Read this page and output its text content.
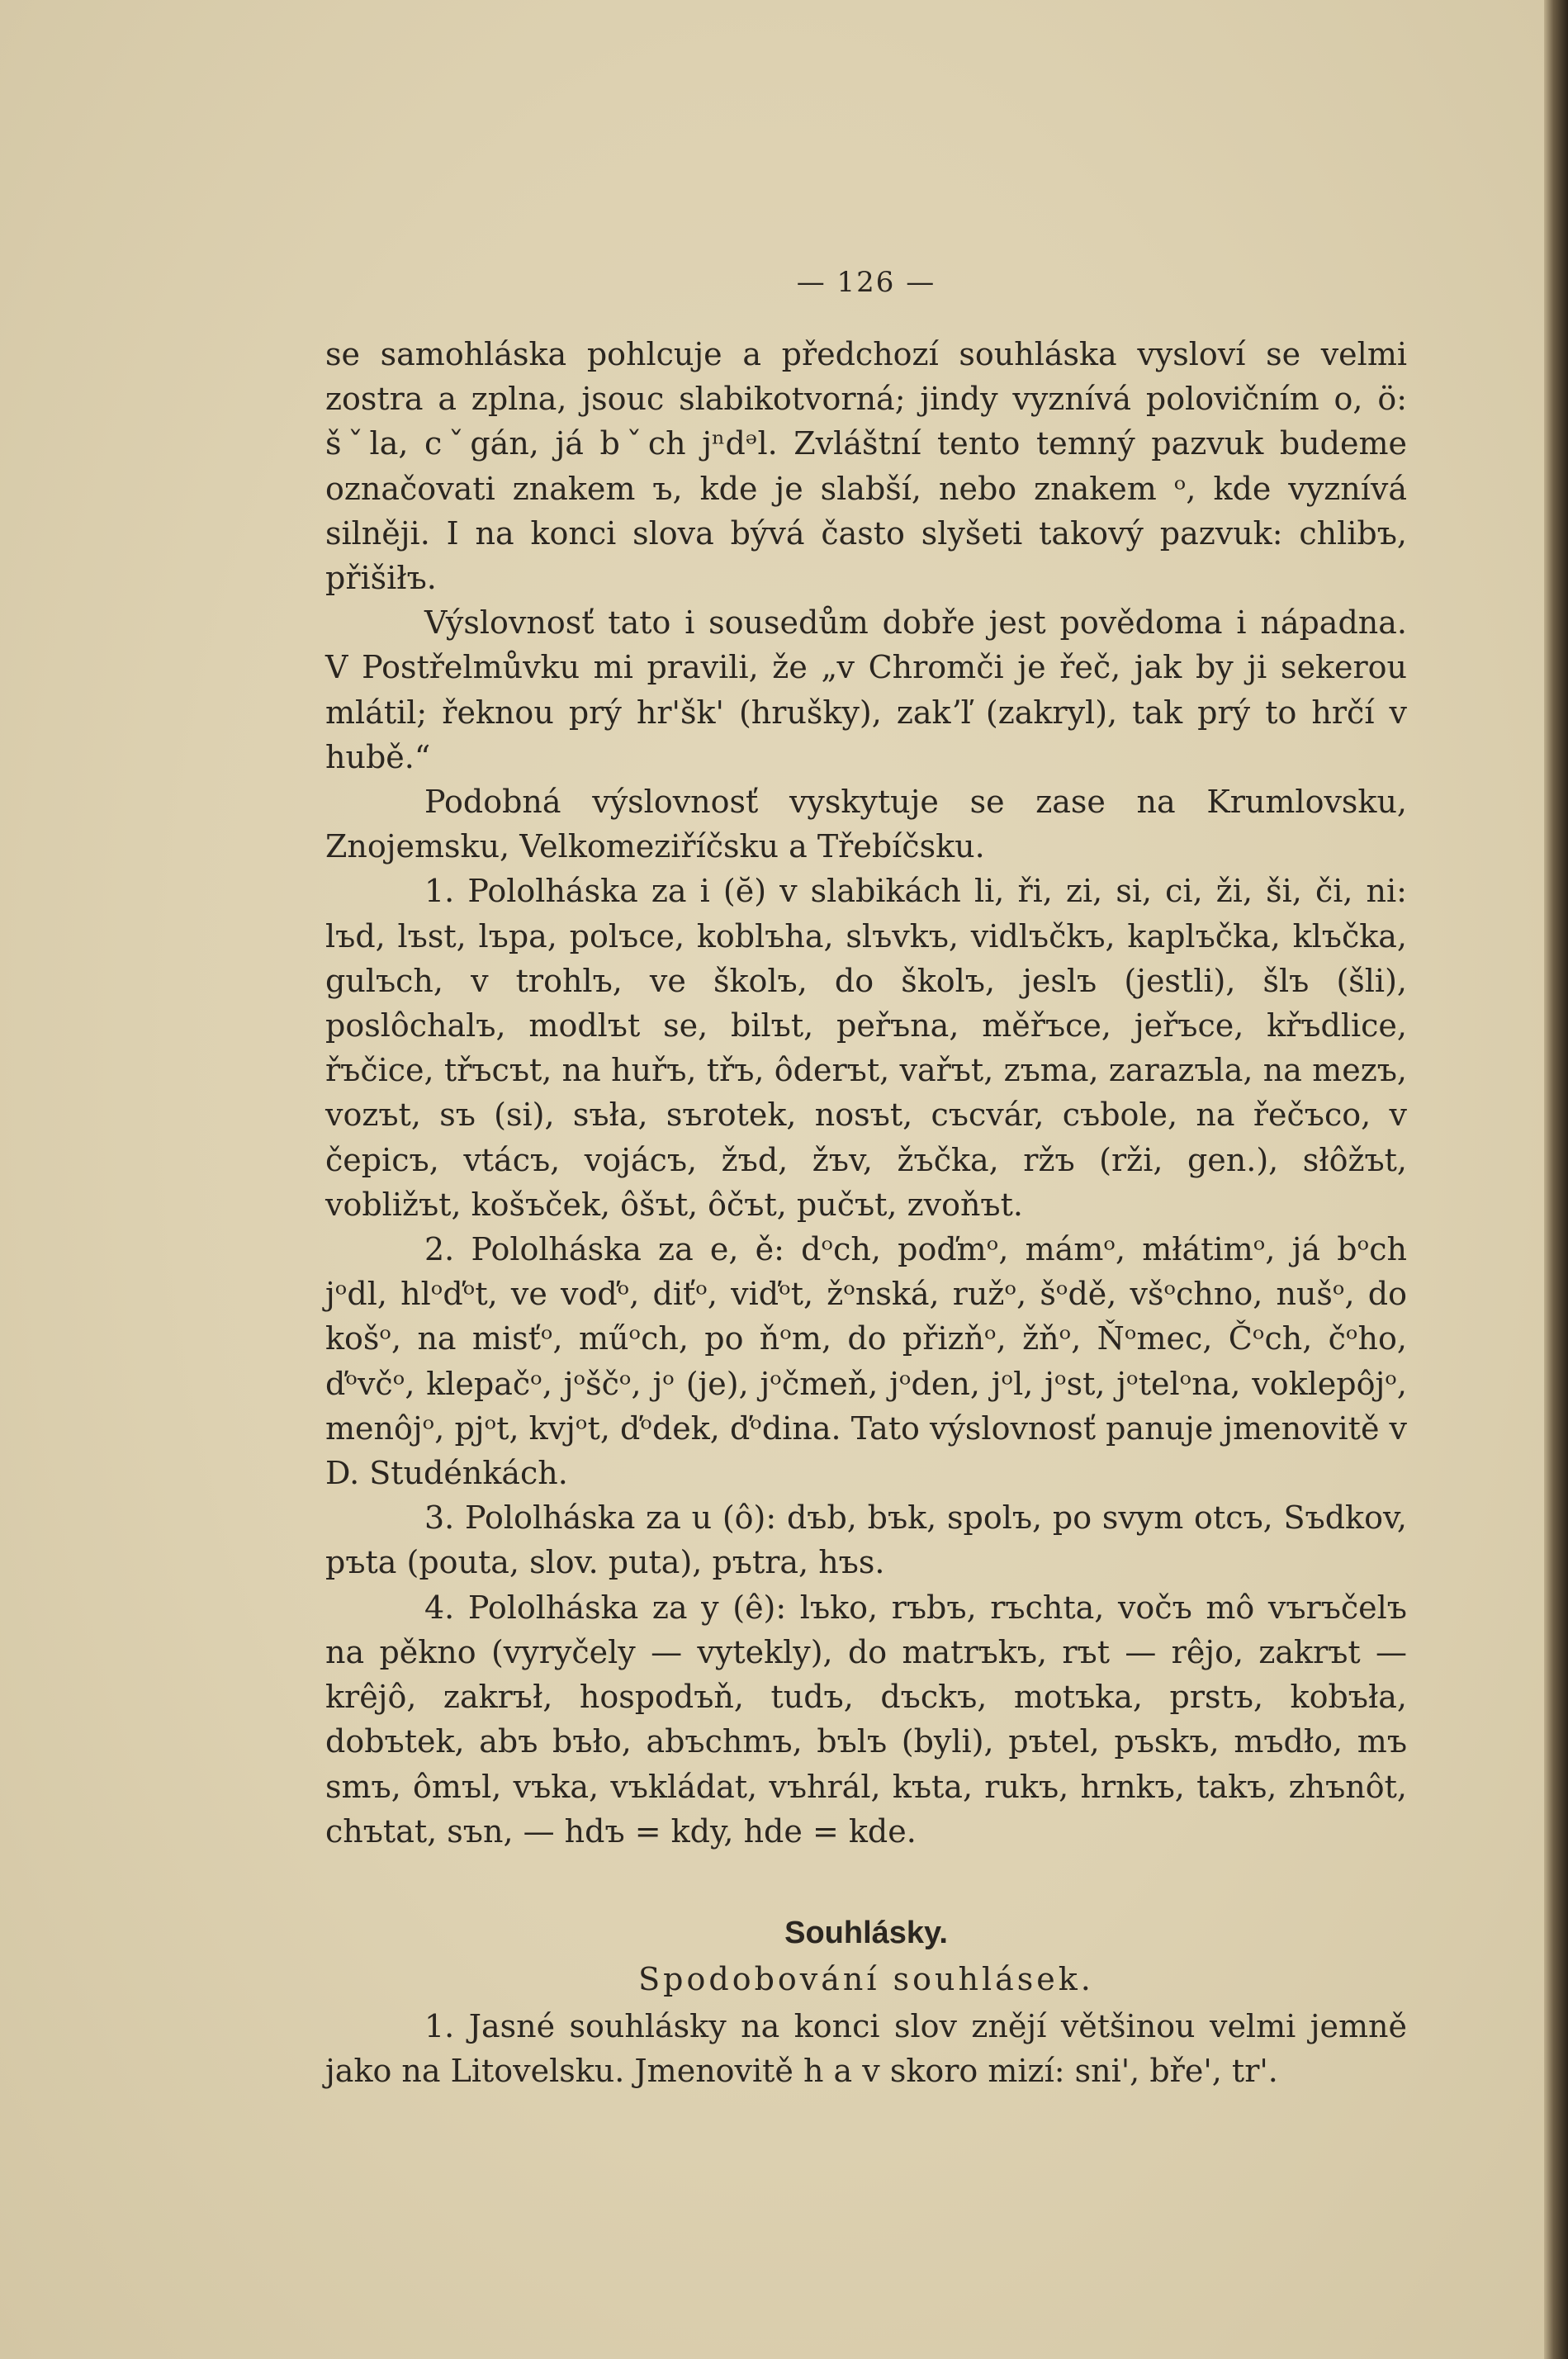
— 126 —

se samohláska pohlcuje a předchozí souhláska vysloví se velmi zostra a zplna, jsouc slabikotvorná; jindy vyznívá polovičním o, ö: šˇla, cˇgán, já bˇch jⁿdᵊl. Zvláštní tento temný pazvuk budeme označovati znakem ъ, kde je slabší, nebo znakem ᵒ, kde vyznívá silněji. I na konci slova bývá často slyšeti takový pazvuk: chlibъ, přišiłъ.

Výslovnosť tato i sousedům dobře jest povědoma i nápadna. V Postřelmůvku mi pravili, že „v Chromči je řeč, jak by ji sekerou mlátil; řeknou prý hr'šk' (hrušky), zakʼľ (zakryl), tak prý to hrčí v hubě.“

Podobná výslovnosť vyskytuje se zase na Krumlovsku, Znojemsku, Velkomeziříčsku a Třebíčsku.

1. Pololháska za i (ĕ) v slabikách li, ři, zi, si, ci, ži, ši, či, ni: lъd, lъst, lъpa, polъce, koblъha, slъvkъ, vidlъčkъ, kaplъčka, klъčka, gulъch, v trohlъ, ve školъ, do školъ, jeslъ (jestli), šlъ (šli), poslôchalъ, modlъt se, bilъt, peřъna, měřъce, jeřъce, křъdlice, řъčice, třъcъt, na huřъ, třъ, ôderъt, vařъt, zъma, zarazъla, na mezъ, vozъt, sъ (si), sъła, sъrotek, nosъt, cъcvár, cъbole, na řečъco, v čepicъ, vtácъ, vojácъ, žъd, žъv, žъčka, ržъ (rži, gen.), słôžъt, vobližъt, košъček, ôšъt, ôčъt, pučъt, zvoňъt.

2. Pololháska za e, ě: dᵒch, poďmᵒ, mámᵒ, młátimᵒ, já bᵒch jᵒdl, hlᵒďᵒt, ve voďᵒ, diťᵒ, viďᵒt, žᵒnská, ružᵒ, šᵒdě, všᵒchno, nušᵒ, do košᵒ, na misťᵒ, műᵒch, po ňᵒm, do přizňᵒ, žňᵒ, Ňᵒmec, Čᵒch, čᵒho, ďᵒvčᵒ, klepačᵒ, jᵒščᵒ, jᵒ (je), jᵒčmeň, jᵒden, jᵒl, jᵒst, jᵒtelᵒna, voklepôjᵒ, menôjᵒ, pjᵒt, kvjᵒt, ďᵒdek, ďᵒdina. Tato výslovnosť panuje jmenovitě v D. Studénkách.

3. Pololháska za u (ô): dъb, bъk, spolъ, po svym otcъ, Sъdkov, pъta (pouta, slov. puta), pъtra, hъs.

4. Pololháska za y (ê): lъko, rъbъ, rъchta, vočъ mô vъrъčelъ na pěkno (vyryčely — vytekly), do matrъkъ, rъt — rêjo, zakrъt — krêjô, zakrъł, hospodъň, tudъ, dъckъ, motъka, prstъ, kobъła, dobъtek, abъ bъło, abъchmъ, bъlъ (byli), pъtel, pъskъ, mъdło, mъ smъ, ômъl, vъka, vъkládat, vъhrál, kъta, rukъ, hrnkъ, takъ, zhъnôt, chъtat, sъn, — hdъ = kdy, hde = kde.

Souhlásky.
Spodobování souhlásek.

1. Jasné souhlásky na konci slov znějí většinou velmi jemně jako na Litovelsku. Jmenovitě h a v skoro mizí: sni', bře', tr'.
